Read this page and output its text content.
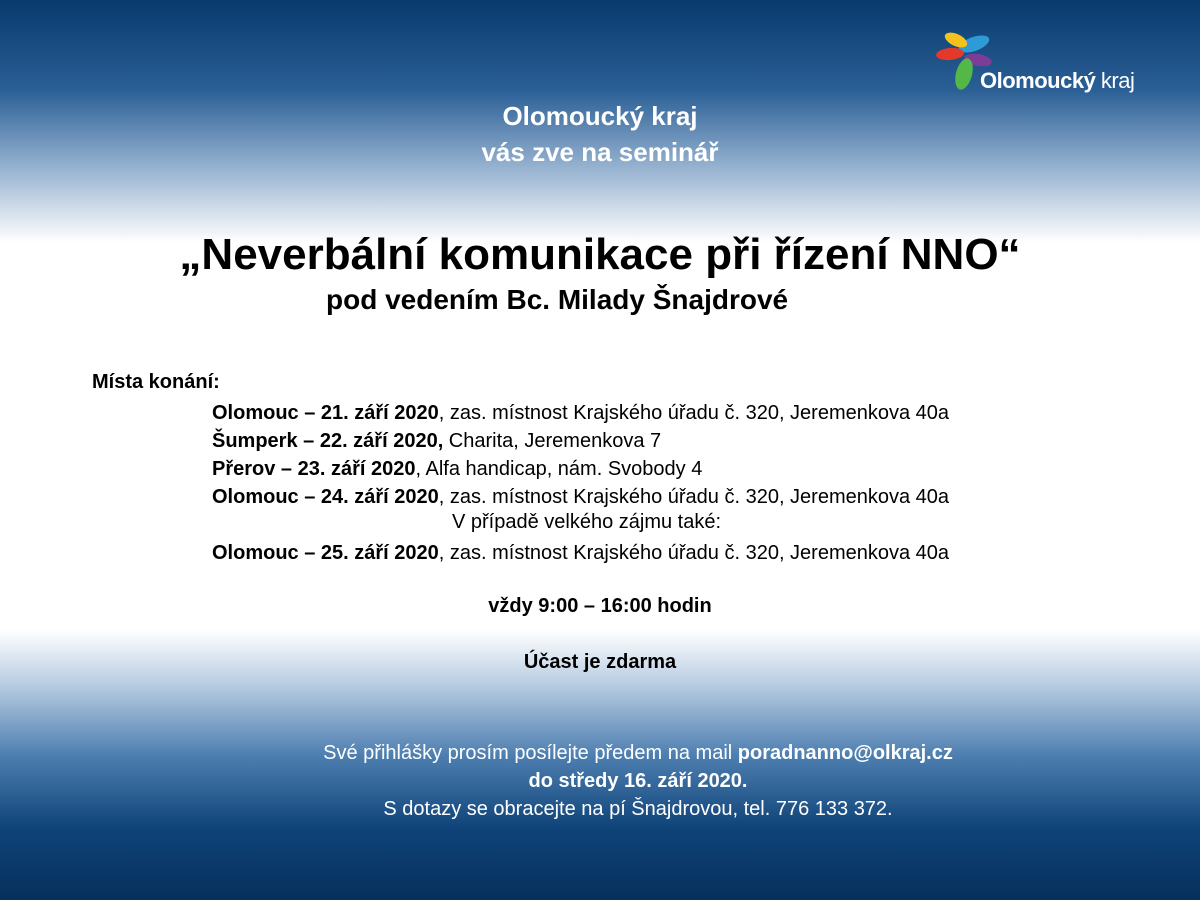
Olomoucký kraj
Olomoucký kraj
vás zve na seminář
„Neverbální komunikace při řízení NNO“
pod vedením Bc. Milady Šnajdrové
Místa konání:
Olomouc – 21. září 2020, zas. místnost Krajského úřadu č. 320, Jeremenkova 40a
Šumperk – 22. září 2020, Charita, Jeremenkova 7
Přerov – 23. září 2020, Alfa handicap, nám. Svobody 4
Olomouc – 24. září 2020, zas. místnost Krajského úřadu č. 320, Jeremenkova 40a
V případě velkého zájmu také:
Olomouc – 25. září 2020, zas. místnost Krajského úřadu č. 320, Jeremenkova 40a
vždy 9:00 – 16:00 hodin
Účast je zdarma
Své přihlášky prosím posílejte předem na mail poradnanno@olkraj.cz
do středy 16. září 2020.
S dotazy se obracejte na pí Šnajdrovou, tel. 776 133 372.
